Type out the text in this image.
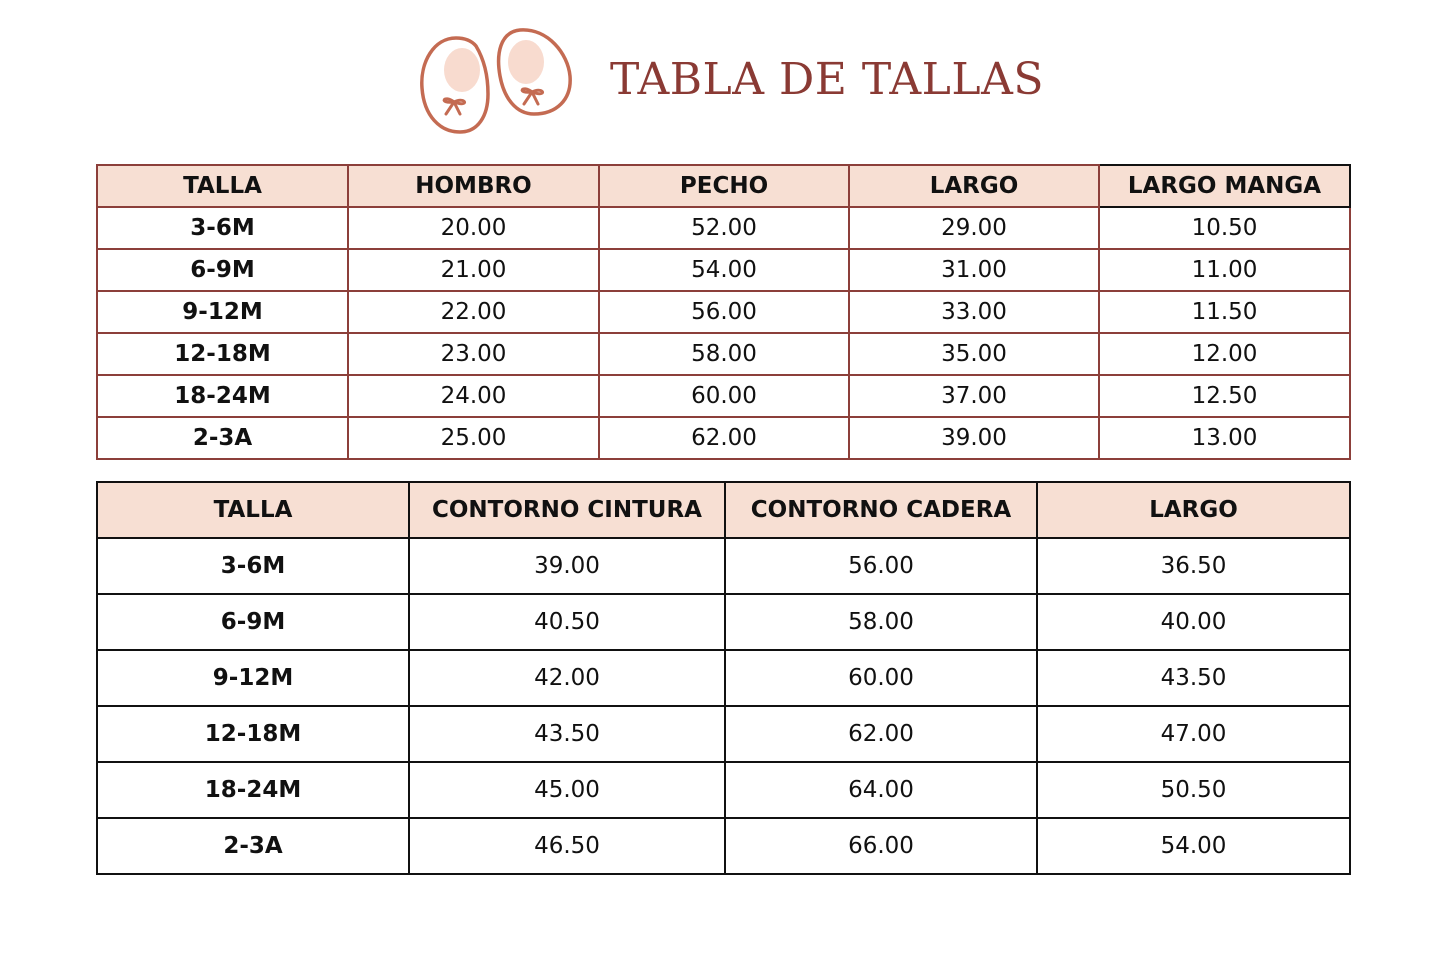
TABLA DE TALLAS
TALLA	HOMBRO	PECHO	LARGO	LARGO MANGA
3-6M	20.00	52.00	29.00	10.50
6-9M	21.00	54.00	31.00	11.00
9-12M	22.00	56.00	33.00	11.50
12-18M	23.00	58.00	35.00	12.00
18-24M	24.00	60.00	37.00	12.50
2-3A	25.00	62.00	39.00	13.00
TALLA	CONTORNO CINTURA	CONTORNO CADERA	LARGO
3-6M	39.00	56.00	36.50
6-9M	40.50	58.00	40.00
9-12M	42.00	60.00	43.50
12-18M	43.50	62.00	47.00
18-24M	45.00	64.00	50.50
2-3A	46.50	66.00	54.00
